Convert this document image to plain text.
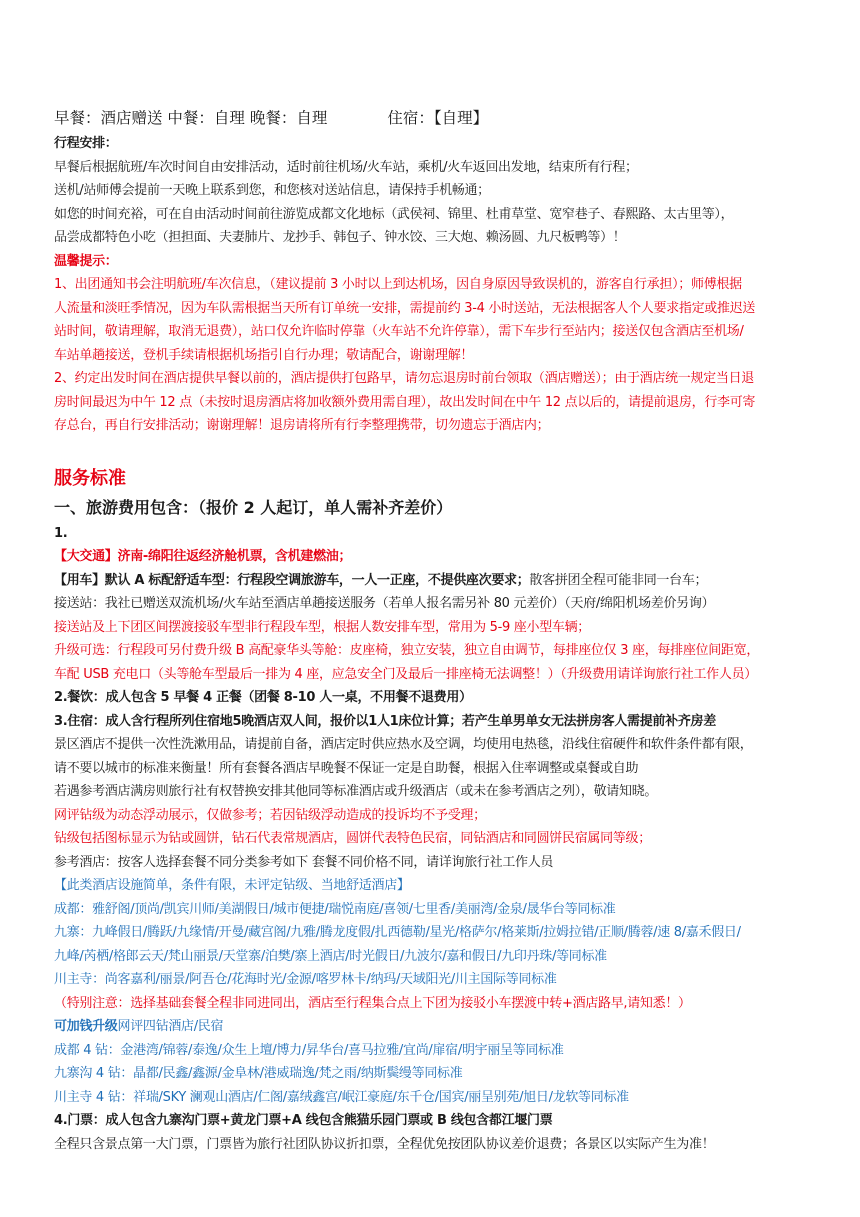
早餐：酒店赠送 中餐：自理 晚餐：自理	住宿：【自理】
行程安排：
早餐后根据航班/车次时间自由安排活动，适时前往机场/火车站，乘机/火车返回出发地，结束所有行程；
送机/站师傅会提前一天晚上联系到您，和您核对送站信息，请保持手机畅通；
如您的时间充裕，可在自由活动时间前往游览成都文化地标（武侯祠、锦里、杜甫草堂、宽窄巷子、春熙路、太古里等），
品尝成都特色小吃（担担面、夫妻肺片、龙抄手、韩包子、钟水饺、三大炮、赖汤圆、九尺板鸭等）！
温馨提示：
1、出团通知书会注明航班/车次信息，（建议提前 3 小时以上到达机场，因自身原因导致误机的，游客自行承担）；师傅根据
人流量和淡旺季情况，因为车队需根据当天所有订单统一安排，需提前约 3-4 小时送站，无法根据客人个人要求指定或推迟送
站时间，敬请理解，取消无退费），站口仅允许临时停靠（火车站不允许停靠），需下车步行至站内；接送仅包含酒店至机场/
车站单趟接送，登机手续请根据机场指引自行办理；敬请配合，谢谢理解！
2、约定出发时间在酒店提供早餐以前的，酒店提供打包路早，请勿忘退房时前台领取（酒店赠送）；由于酒店统一规定当日退
房时间最迟为中午 12 点（未按时退房酒店将加收额外费用需自理），故出发时间在中午 12 点以后的，请提前退房，行李可寄
存总台，再自行安排活动；谢谢理解！退房请将所有行李整理携带，切勿遗忘于酒店内；
服务标准
一、旅游费用包含：（报价 2 人起订，单人需补齐差价）
1.
【大交通】济南-绵阳往返经济舱机票，含机建燃油；
【用车】默认 A 标配舒适车型：行程段空调旅游车，一人一正座，不提供座次要求；散客拼团全程可能非同一台车；
接送站：我社已赠送双流机场/火车站至酒店单趟接送服务（若单人报名需另补 80 元差价）（天府/绵阳机场差价另询）
接送站及上下团区间摆渡接驳车型非行程段车型，根据人数安排车型，常用为 5-9 座小型车辆；
升级可选：行程段可另付费升级 B 高配豪华头等舱：皮座椅，独立安装，独立自由调节，每排座位仅 3 座，每排座位间距宽，
车配 USB 充电口（头等舱车型最后一排为 4 座，应急安全门及最后一排座椅无法调整！）（升级费用请详询旅行社工作人员）
2.餐饮：成人包含 5 早餐 4 正餐（团餐 8-10 人一桌，不用餐不退费用）
3.住宿：成人含行程所列住宿地5晚酒店双人间，报价以1人1床位计算；若产生单男单女无法拼房客人需提前补齐房差
景区酒店不提供一次性洗漱用品，请提前自备，酒店定时供应热水及空调，均使用电热毯，沿线住宿硬件和软件条件都有限，
请不要以城市的标准来衡量！所有套餐各酒店早晚餐不保证一定是自助餐，根据入住率调整或桌餐或自助
若遇参考酒店满房则旅行社有权替换安排其他同等标准酒店或升级酒店（或未在参考酒店之列），敬请知晓。
网评钻级为动态浮动展示，仅做参考；若因钻级浮动造成的投诉均不予受理；
钻级包括图标显示为钻或圆饼，钻石代表常规酒店，圆饼代表特色民宿，同钻酒店和同圆饼民宿属同等级；
参考酒店：按客人选择套餐不同分类参考如下 套餐不同价格不同，请详询旅行社工作人员
【此类酒店设施简单，条件有限，未评定钻级、当地舒适酒店】
成都：雅舒阁/顶尚/凯宾川师/美湖假日/城市便捷/瑞悦南庭/喜领/七里香/美丽湾/金泉/晟华台等同标准
九寨：九峰假日/腾跃/九缘情/开曼/藏宫阁/九雅/腾龙度假/扎西德勒/星光/格萨尔/格莱斯/拉姆拉错/正顺/腾蓉/速 8/嘉禾假日/
九峰/芮栖/格郎云天/梵山丽景/天堂寨/泊樊/寨上酒店/时光假日/九波尔/嘉和假日/九印丹珠/等同标准
川主寺：尚客嘉利/丽景/阿吾仓/花海时光/金源/喀罗林卡/纳玛/天域阳光/川主国际等同标准
（特别注意：选择基础套餐全程非同进同出，酒店至行程集合点上下团为接驳小车摆渡中转+酒店路早,请知悉！）
可加钱升级网评四钻酒店/民宿
成都 4 钻：金港湾/锦蓉/泰逸/众生上壇/博力/昇华台/喜马拉雅/宜尚/扉宿/明宇丽呈等同标准
九寨沟 4 钻：晶都/民鑫/鑫源/金阜林/港威瑞逸/梵之雨/纳斯鬓缦等同标准
川主寺 4 钻：祥瑞/SKY 澜观山酒店/仁阁/嘉绒鑫宫/岷江豪庭/东千仓/国宾/丽呈别苑/旭日/龙软等同标准
4.门票：成人包含九寨沟门票+黄龙门票+A 线包含熊猫乐园门票或 B 线包含都江堰门票
全程只含景点第一大门票，门票皆为旅行社团队协议折扣票，全程优免按团队协议差价退费；各景区以实际产生为准！
